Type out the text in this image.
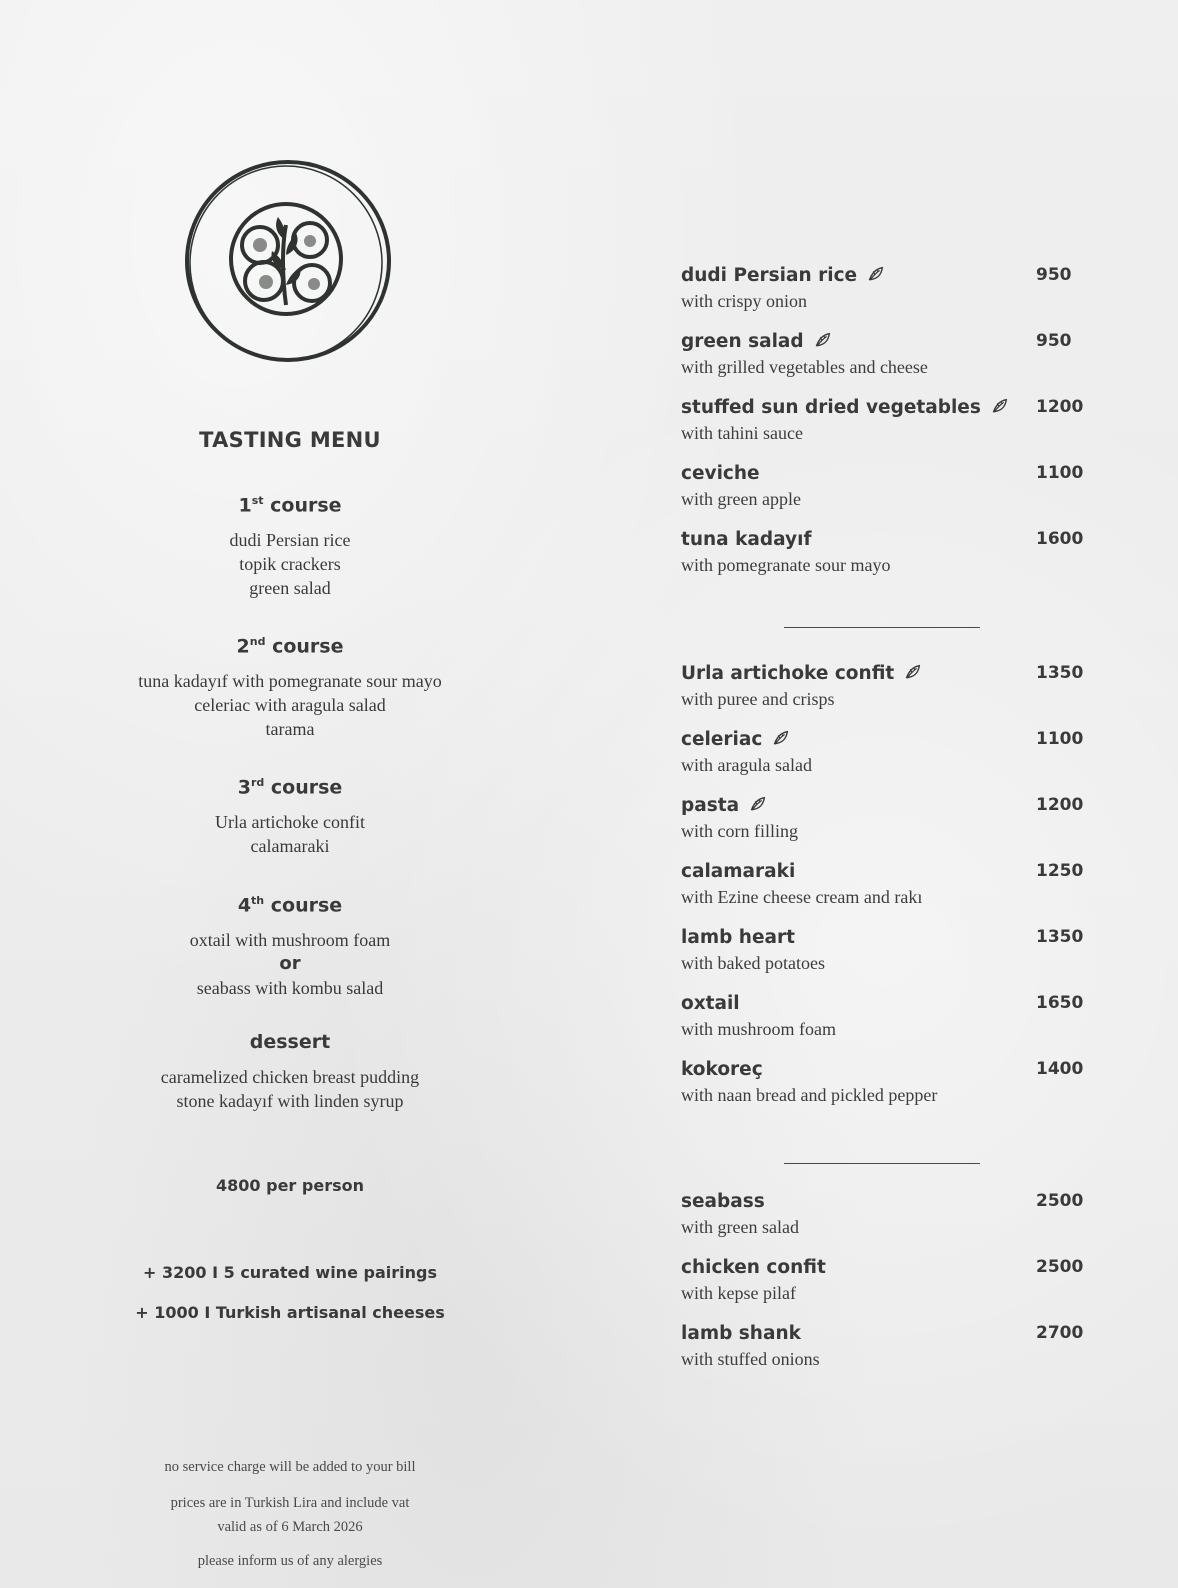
TASTING MENU
1st course
dudi Persian rice
topik crackers
green salad
2nd course
tuna kadayıf with pomegranate sour mayo
celeriac with aragula salad
tarama
3rd course
Urla artichoke confit
calamaraki
4th course
oxtail with mushroom foam
or
seabass with kombu salad
dessert
caramelized chicken breast pudding
stone kadayıf with linden syrup
4800 per person
+ 3200 I 5 curated wine pairings
+ 1000 I Turkish artisanal cheeses
no service charge will be added to your bill
prices are in Turkish Lira and include vat
valid as of 6 March 2026
please inform us of any alergies
dudi Persian rice
with crispy onion
950
green salad
with grilled vegetables and cheese
950
stuffed sun dried vegetables
with tahini sauce
1200
ceviche
with green apple
1100
tuna kadayıf
with pomegranate sour mayo
1600
Urla artichoke confit
with puree and crisps
1350
celeriac
with aragula salad
1100
pasta
with corn filling
1200
calamaraki
with Ezine cheese cream and rakı
1250
lamb heart
with baked potatoes
1350
oxtail
with mushroom foam
1650
kokoreç
with naan bread and pickled pepper
1400
seabass
with green salad
2500
chicken confit
with kepse pilaf
2500
lamb shank
with stuffed onions
2700
